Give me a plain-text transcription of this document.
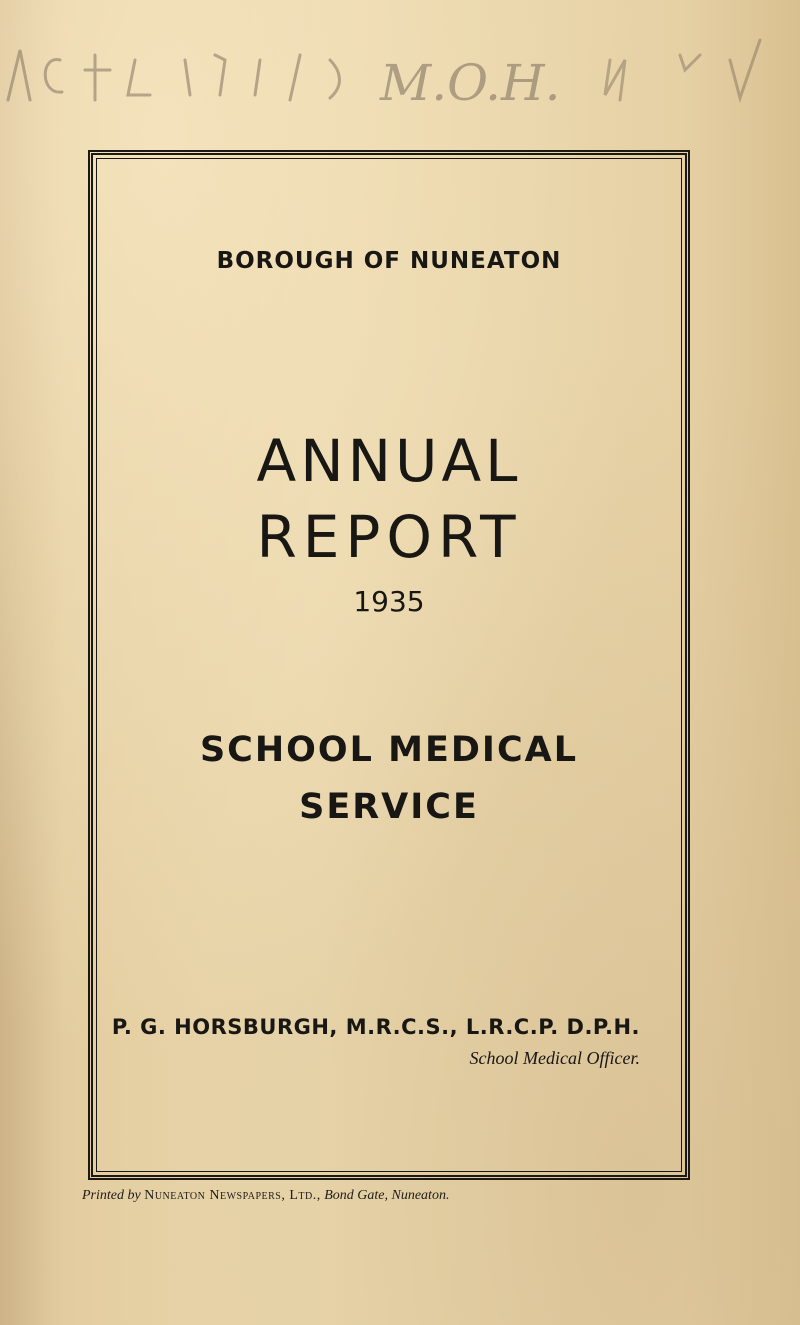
M.O.H.
BOROUGH OF NUNEATON
ANNUAL
REPORT
1935
SCHOOL MEDICAL
SERVICE
P. G. HORSBURGH, M.R.C.S., L.R.C.P. D.P.H.
School Medical Officer.
Printed by Nuneaton Newspapers, Ltd., Bond Gate, Nuneaton.
